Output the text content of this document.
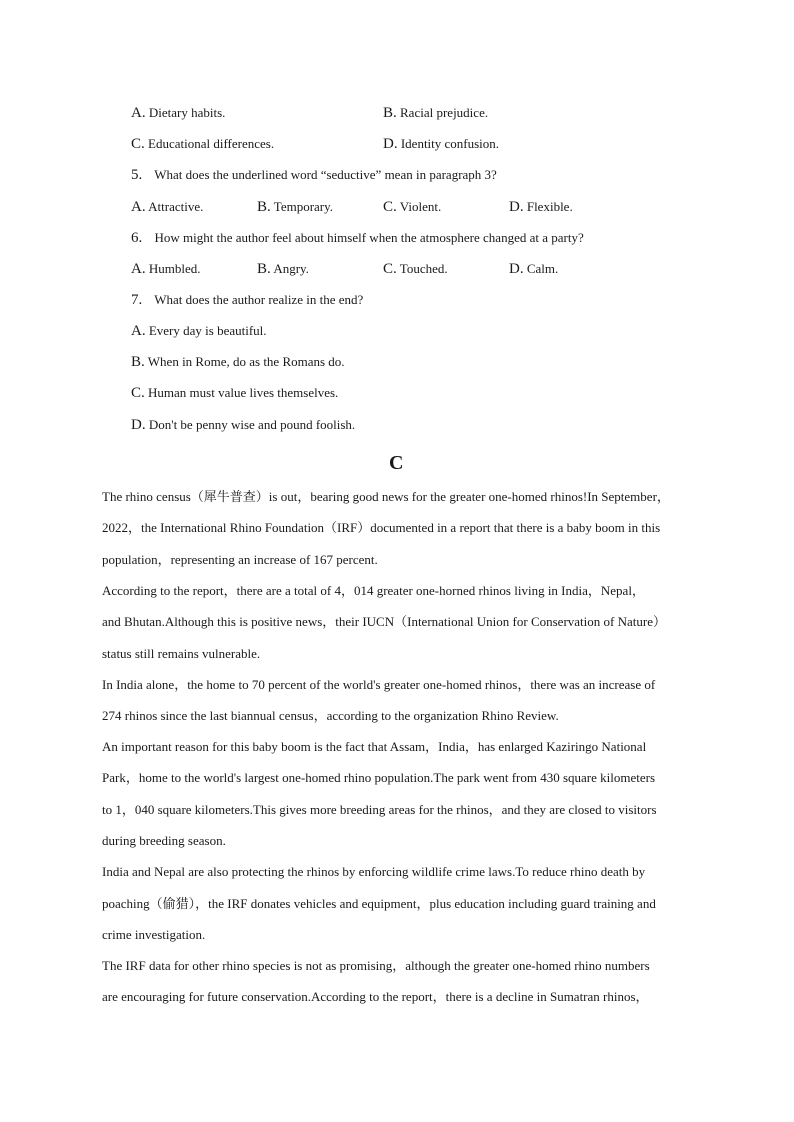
A. Dietary habits.	B. Racial prejudice.
C. Educational differences.	D. Identity confusion.
5. What does the underlined word “seductive” mean in paragraph 3?
A. Attractive.	B. Temporary.	C. Violent.	D. Flexible.
6. How might the author feel about himself when the atmosphere changed at a party?
A. Humbled.	B. Angry.	C. Touched.	D. Calm.
7. What does the author realize in the end?
A. Every day is beautiful.
B. When in Rome, do as the Romans do.
C. Human must value lives themselves.
D. Don't be penny wise and pound foolish.
C
The rhino census（犀牛普查）is out，bearing good news for the greater one-homed rhinos!In September，
2022，the International Rhino Foundation（IRF）documented in a report that there is a baby boom in this
population，representing an increase of 167 percent.
According to the report，there are a total of 4，014 greater one-horned rhinos living in India，Nepal，
and Bhutan.Although this is positive news，their IUCN（International Union for Conservation of Nature）
status still remains vulnerable.
In India alone，the home to 70 percent of the world's greater one-homed rhinos，there was an increase of
274 rhinos since the last biannual census，according to the organization Rhino Review.
An important reason for this baby boom is the fact that Assam，India，has enlarged Kaziringo National
Park，home to the world's largest one-homed rhino population.The park went from 430 square kilometers
to 1，040 square kilometers.This gives more breeding areas for the rhinos，and they are closed to visitors
during breeding season.
India and Nepal are also protecting the rhinos by enforcing wildlife crime laws.To reduce rhino death by
poaching（偷猎），the IRF donates vehicles and equipment，plus education including guard training and
crime investigation.
The IRF data for other rhino species is not as promising，although the greater one-homed rhino numbers
are encouraging for future conservation.According to the report，there is a decline in Sumatran rhinos，
